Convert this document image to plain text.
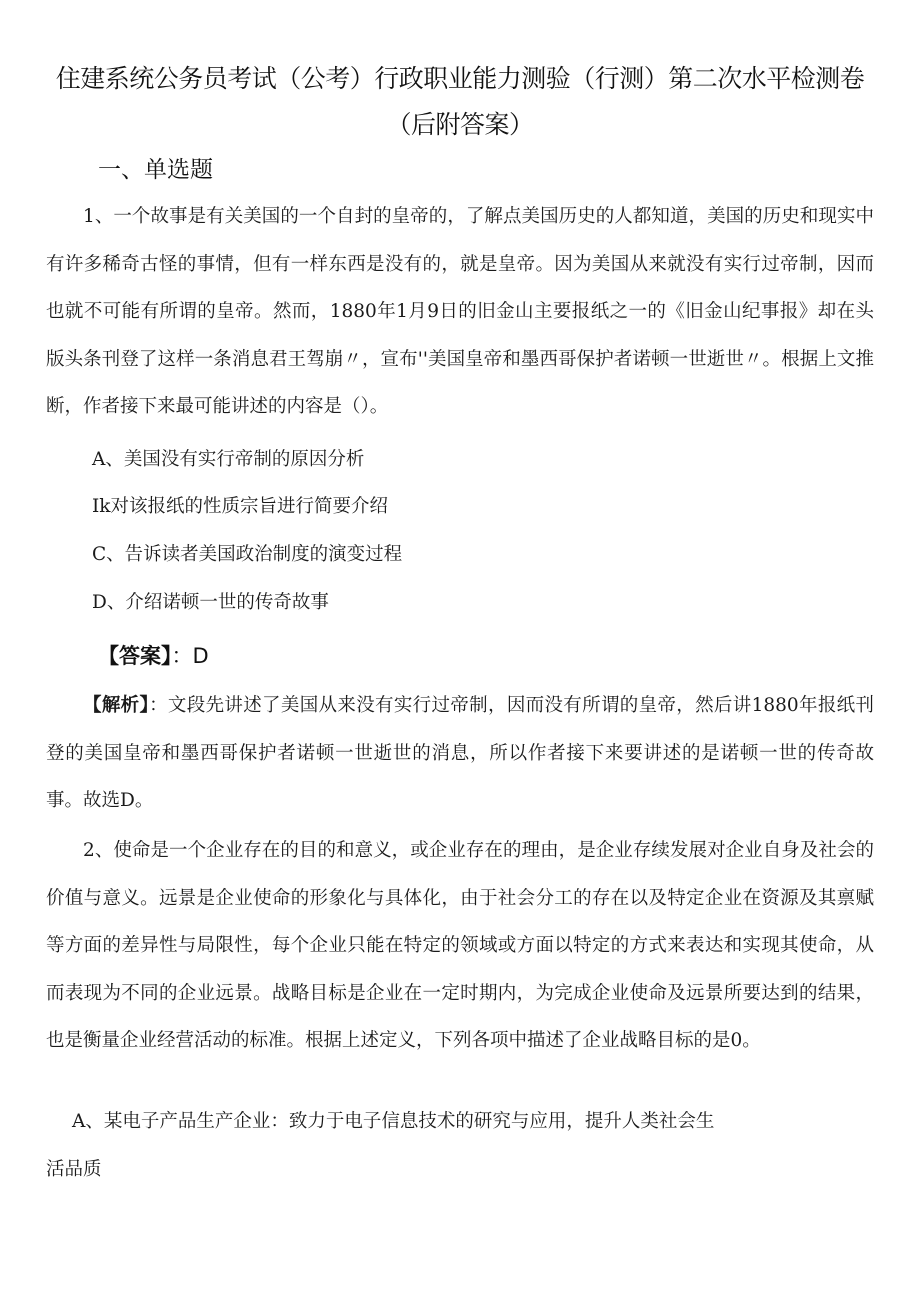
住建系统公务员考试（公考）行政职业能力测验（行测）第二次水平检测卷（后附答案）
一、单选题

1、一个故事是有关美国的一个自封的皇帝的，了解点美国历史的人都知道，美国的历史和现实中有许多稀奇古怪的事情，但有一样东西是没有的，就是皇帝。因为美国从来就没有实行过帝制，因而也就不可能有所谓的皇帝。然而，1880年1月9日的旧金山主要报纸之一的《旧金山纪事报》却在头版头条刊登了这样一条消息君王驾崩〃，宣布''美国皇帝和墨西哥保护者诺顿一世逝世〃。根据上文推断，作者接下来最可能讲述的内容是（）。

A、美国没有实行帝制的原因分析
Ik对该报纸的性质宗旨进行简要介绍
C、告诉读者美国政治制度的演变过程
D、介绍诺顿一世的传奇故事
【答案】：D

【解析】：文段先讲述了美国从来没有实行过帝制，因而没有所谓的皇帝，然后讲1880年报纸刊登的美国皇帝和墨西哥保护者诺顿一世逝世的消息，所以作者接下来要讲述的是诺顿一世的传奇故事。故选D。

2、使命是一个企业存在的目的和意义，或企业存在的理由，是企业存续发展对企业自身及社会的价值与意义。远景是企业使命的形象化与具体化，由于社会分工的存在以及特定企业在资源及其禀赋等方面的差异性与局限性，每个企业只能在特定的领域或方面以特定的方式来表达和实现其使命，从而表现为不同的企业远景。战略目标是企业在一定时期内，为完成企业使命及远景所要达到的结果，也是衡量企业经营活动的标准。根据上述定义，下列各项中描述了企业战略目标的是0。

A、某电子产品生产企业：致力于电子信息技术的研究与应用，提升人类社会生
活品质
